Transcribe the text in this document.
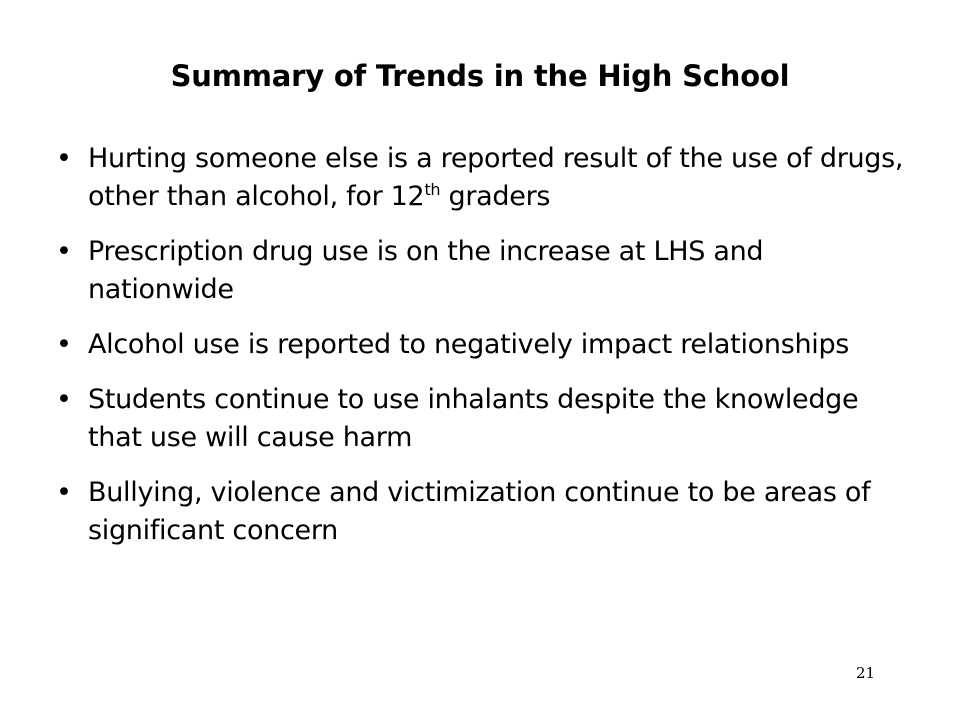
Summary of Trends in the High School
• Hurting someone else is a reported result of the use of drugs, other than alcohol, for 12th graders
• Prescription drug use is on the increase at LHS and nationwide
• Alcohol use is reported to negatively impact relationships
• Students continue to use inhalants despite the knowledge that use will cause harm
• Bullying, violence and victimization continue to be areas of significant concern
21
